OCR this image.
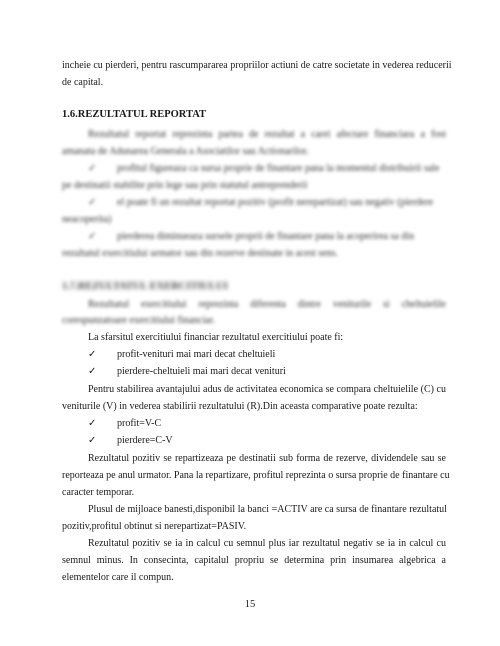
incheie cu pierderi, pentru rascumpararea propriilor actiuni de catre societate in vederea reducerii
de capital.
1.6.REZULTATUL REPORTAT
Rezultatul reportat reprezinta partea de rezultat a carei afectare financiara a fost
amanata de Adunarea Generala a Asociatilor sau Actionarilor.
✓ profitul figureaza ca sursa proprie de finantare pana la momentul distribuirii sale
pe destinatii stabilite prin lege sau prin statutul antreprenderii
✓ el poate fi un rezultat reportat pozitiv (profit nerepartizat) sau negativ (pierdere
neacoperita)
✓ pierderea diminueaza sursele proprii de finantare pana la acoperirea sa din
rezultatul exercitiului urmator sau din rezerve destinate in acest sens.
1.7.REZULTATUL EXERCITIULUI
Rezultatul exercitiului reprezinta diferenta dintre veniturile si cheltuielile
corespunzatoare exercitiului financiar.
La sfarsitul exercitiului financiar rezultatul exercitiului poate fi:
✓ profit-venituri mai mari decat cheltuieli
✓ pierdere-cheltuieli mai mari decat venituri
Pentru stabilirea avantajului adus de activitatea economica se compara cheltuielile (C) cu
veniturile (V) in vederea stabilirii rezultatului (R).Din aceasta comparative poate rezulta:
✓ profit=V-C
✓ pierdere=C-V
Rezultatul pozitiv se repartizeaza pe destinatii sub forma de rezerve, dividendele sau se
reporteaza pe anul urmator. Pana la repartizare, profitul reprezinta o sursa proprie de finantare cu
caracter temporar.
Plusul de mijloace banesti,disponibil la banci =ACTIV are ca sursa de finantare rezultatul
pozitiv,profitul obtinut si nerepartizat=PASIV.
Rezultatul pozitiv se ia in calcul cu semnul plus iar rezultatul negativ se ia in calcul cu
semnul minus. In consecinta, capitalul propriu se determina prin insumarea algebrica a
elementelor care il compun.
15
